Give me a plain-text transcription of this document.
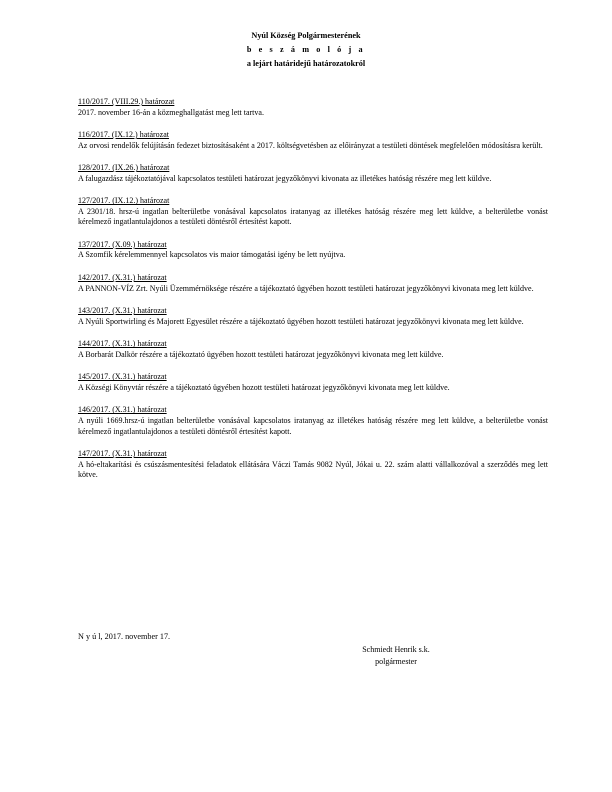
Nyúl Község Polgármesterének
b e s z á m o l ó j a
a lejárt határidejű határozatokról
110/2017. (VIII.29.) határozat
2017. november 16-án a közmeghallgatást meg lett tartva.
116/2017. (IX.12.) határozat
Az orvosi rendelők felújításán fedezet biztosításaként a 2017. költségvetésben az előirányzat a testületi döntések megfelelően módosításra került.
128/2017. (IX.26.) határozat
A falugazdász tájékoztatójával kapcsolatos testületi határozat jegyzőkönyvi kivonata az illetékes hatóság részére meg lett küldve.
127/2017. (IX.12.) határozat
A 2301/18. hrsz-ú ingatlan belterületbe vonásával kapcsolatos iratanyag az illetékes hatóság részére meg lett küldve, a belterületbe vonást kérelmező ingatlantulajdonos a testületi döntésről értesítést kapott.
137/2017. (X.09.) határozat
A Szomfik kérelemmennyel kapcsolatos vis maior támogatási igény be lett nyújtva.
142/2017. (X.31.) határozat
A PANNON-VÍZ Zrt. Nyúli Üzemmérnöksége részére a tájékoztató ügyében hozott testületi határozat jegyzőkönyvi kivonata meg lett küldve.
143/2017. (X.31.) határozat
A Nyúli Sportwirling és Majorett Egyesület részére a tájékoztató ügyében hozott testületi határozat jegyzőkönyvi kivonata meg lett küldve.
144/2017. (X.31.) határozat
A Borbarát Dalkör részére a tájékoztató ügyében hozott testületi határozat jegyzőkönyvi kivonata meg lett küldve.
145/2017. (X.31.) határozat
A Községi Könyvtár részére a tájékoztató ügyében hozott testületi határozat jegyzőkönyvi kivonata meg lett küldve.
146/2017. (X.31.) határozat
A nyúli 1669.hrsz-ú ingatlan belterületbe vonásával kapcsolatos iratanyag az illetékes hatóság részére meg lett küldve, a belterületbe vonást kérelmező ingatlantulajdonos a testületi döntésről értesítést kapott.
147/2017. (X.31.) határozat
A hó-eltakarítási és csúszásmentesítési feladatok ellátására Váczi Tamás 9082 Nyúl, Jókai u. 22. szám alatti vállalkozóval a szerződés meg lett kötve.
N y ú l, 2017. november 17.
Schmiedt Henrik s.k.
polgármester
